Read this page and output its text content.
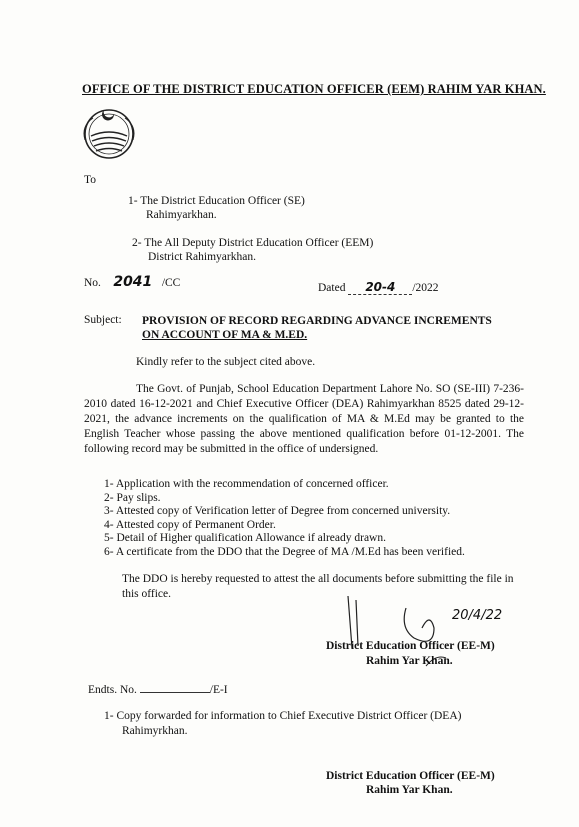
OFFICE OF THE DISTRICT EDUCATION OFFICER (EEM) RAHIM YAR KHAN.
To
1- The District Education Officer (SE)
Rahimyarkhan.
2- The All Deputy District Education Officer (EEM)
District Rahimyarkhan.
No. 2041 /CC	Dated 20-4 /2022
Subject: PROVISION OF RECORD REGARDING ADVANCE INCREMENTS
ON ACCOUNT OF MA & M.ED.
Kindly refer to the subject cited above.
The Govt. of Punjab, School Education Department Lahore No. SO (SE-III) 7-236-2010 dated 16-12-2021 and Chief Executive Officer (DEA) Rahimyarkhan 8525 dated 29-12-2021, the advance increments on the qualification of MA & M.Ed may be granted to the English Teacher whose passing the above mentioned qualification before 01-12-2001. The following record may be submitted in the office of undersigned.
1- Application with the recommendation of concerned officer.
2- Pay slips.
3- Attested copy of Verification letter of Degree from concerned university.
4- Attested copy of Permanent Order.
5- Detail of Higher qualification Allowance if already drawn.
6- A certificate from the DDO that the Degree of MA /M.Ed has been verified.
The DDO is hereby requested to attest the all documents before submitting the file in this office.
20/4/22
District Education Officer (EE-M)
Rahim Yar Khan.
Endts. No.	/E-I
1- Copy forwarded for information to Chief Executive District Officer (DEA)
Rahimyrkhan.
District Education Officer (EE-M)
Rahim Yar Khan.
